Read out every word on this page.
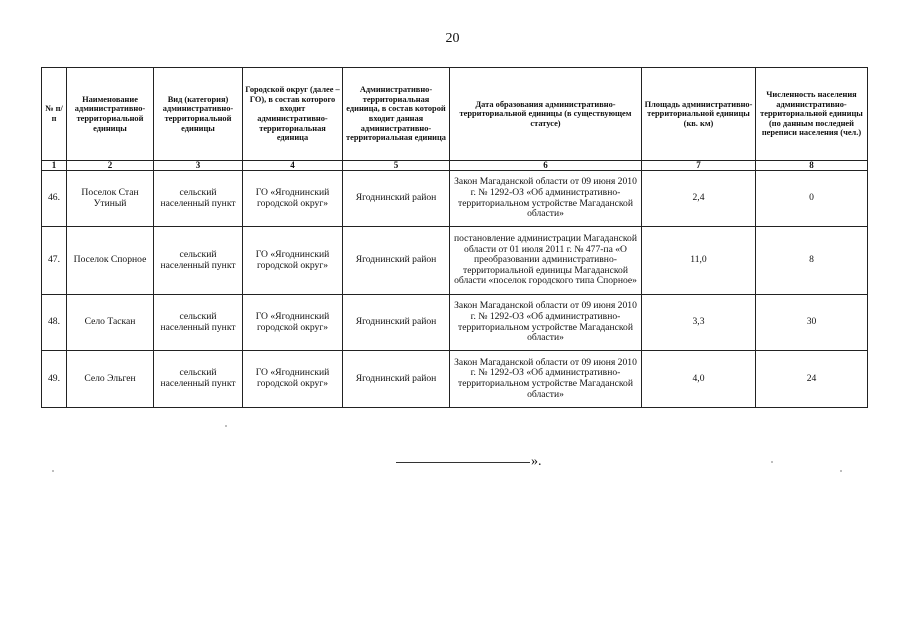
20
№ п/п	Наименование административно-территориальной единицы	Вид (категория) административно-территориальной единицы	Городской округ (далее – ГО), в состав которого входит административно-территориальная единица	Административно-территориальная единица, в состав которой входит данная административно-территориальная единица	Дата образования административно-территориальной единицы (в существующем статусе)	Площадь административно-территориальной единицы (кв. км)	Численность населения административно-территориальной единицы (по данным последней переписи населения (чел.)
1	2	3	4	5	6	7	8
46.	Поселок Стан Утиный	сельский населенный пункт	ГО «Ягоднинский городской округ»	Ягоднинский район	Закон Магаданской области от 09 июня 2010 г. № 1292-ОЗ «Об административно-территориальном устройстве Магаданской области»	2,4	0
47.	Поселок Спорное	сельский населенный пункт	ГО «Ягоднинский городской округ»	Ягоднинский район	постановление администрации Магаданской области от 01 июля 2011 г. № 477-па «О преобразовании административно-территориальной единицы Магаданской области «поселок городского типа Спорное»	11,0	8
48.	Село Таскан	сельский населенный пункт	ГО «Ягоднинский городской округ»	Ягоднинский район	Закон Магаданской области от 09 июня 2010 г. № 1292-ОЗ «Об административно-территориальном устройстве Магаданской области»	3,3	30
49.	Село Эльген	сельский населенный пункт	ГО «Ягоднинский городской округ»	Ягоднинский район	Закон Магаданской области от 09 июня 2010 г. № 1292-ОЗ «Об административно-территориальном устройстве Магаданской области»	4,0	24
».
